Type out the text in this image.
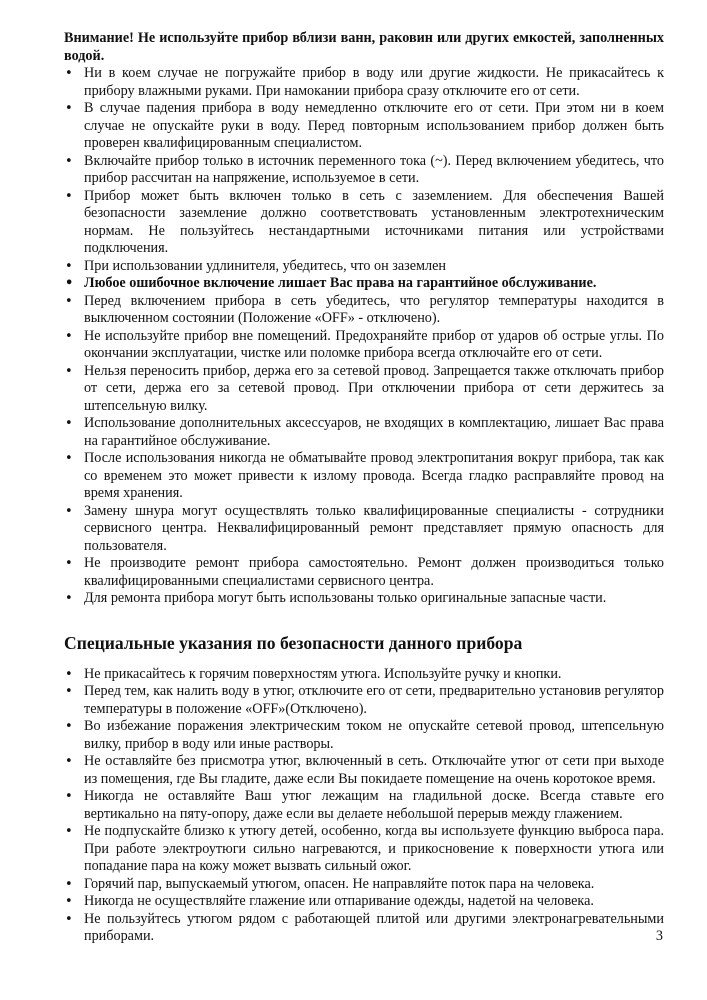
Внимание! Не используйте прибор вблизи ванн, раковин или других емкостей, заполненных водой.

• Ни в коем случае не погружайте прибор в воду или другие жидкости. Не прикасайтесь к прибору влажными руками. При намокании прибора сразу отключите его от сети.
• В случае падения прибора в воду немедленно отключите его от сети. При этом ни в коем случае не опускайте руки в воду. Перед повторным использованием прибор должен быть проверен квалифицированным специалистом.
• Включайте прибор только в источник переменного тока (~). Перед включением убедитесь, что прибор рассчитан на напряжение, используемое в сети.
• Прибор может быть включен только в сеть с заземлением. Для обеспечения Вашей безопасности заземление должно соответствовать установленным электротехническим нормам. Не пользуйтесь нестандартными источниками питания или устройствами подключения.
• При использовании удлинителя, убедитесь, что он заземлен
• Любое ошибочное включение лишает Вас права на гарантийное обслуживание.
• Перед включением прибора в сеть убедитесь, что регулятор температуры находится в выключенном состоянии (Положение «OFF» - отключено).
• Не используйте прибор вне помещений. Предохраняйте прибор от ударов об острые углы. По окончании эксплуатации, чистке или поломке прибора всегда отключайте его от сети.
• Нельзя переносить прибор, держа его за сетевой провод. Запрещается также отключать прибор от сети, держа его за сетевой провод. При отключении прибора от сети держитесь за штепсельную вилку.
• Использование дополнительных аксессуаров, не входящих в комплектацию, лишает Вас права на гарантийное обслуживание.
• После использования никогда не обматывайте провод электропитания вокруг прибора, так как со временем это может привести к излому провода. Всегда гладко расправляйте провод на время хранения.
• Замену шнура могут осуществлять только квалифицированные специалисты - сотрудники сервисного центра. Неквалифицированный ремонт представляет прямую опасность для пользователя.
• Не производите ремонт прибора самостоятельно. Ремонт должен производиться только квалифицированными специалистами сервисного центра.
• Для ремонта прибора могут быть использованы только оригинальные запасные части.
Специальные указания по безопасности данного прибора
• Не прикасайтесь к горячим поверхностям утюга. Используйте ручку и кнопки.
• Перед тем, как налить воду в утюг, отключите его от сети, предварительно установив регулятор температуры в положение «OFF»(Отключено).
• Во избежание поражения электрическим током не опускайте сетевой провод, штепсельную вилку, прибор в воду или иные растворы.
• Не оставляйте без присмотра утюг, включенный в сеть. Отключайте утюг от сети при выходе из помещения, где Вы гладите, даже если Вы покидаете помещение на очень коротокое время.
• Никогда не оставляйте Ваш утюг лежащим на гладильной доске. Всегда ставьте его вертикально на пяту-опору, даже если вы делаете небольшой перерыв между глажением.
• Не подпускайте близко к утюгу детей, особенно, когда вы используете функцию выброса пара. При работе электроутюги сильно нагреваются, и прикосновение к поверхности утюга или попадание пара на кожу может вызвать сильный ожог.
• Горячий пар, выпускаемый утюгом, опасен. Не направляйте поток пара на человека.
• Никогда не осуществляйте глажение или отпаривание одежды, надетой на человека.
• Не пользуйтесь утюгом рядом с работающей плитой или другими электронагревательными приборами.	3
